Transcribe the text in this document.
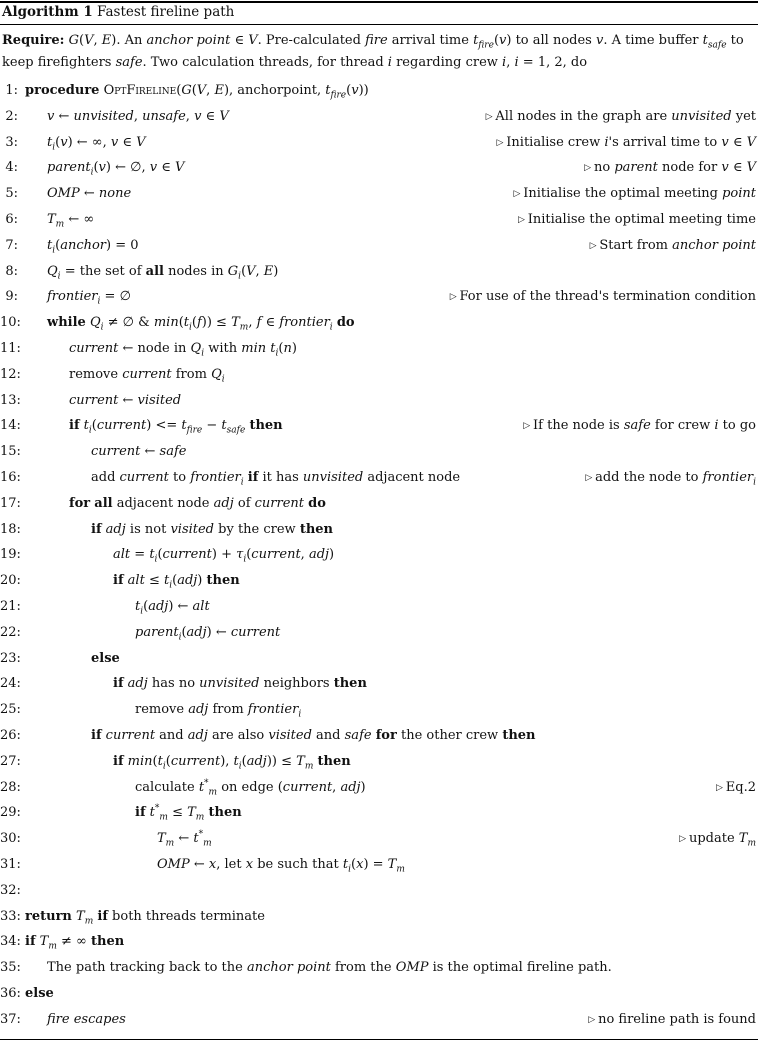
Algorithm 1 Fastest fireline path
Require: G(V, E). An anchor point ∈ V. Pre-calculated fire arrival time $t_{fire}(v)$ to all nodes v. A time buffer $t_{safe}$ to keep firefighters safe. Two calculation threads, for thread i regarding crew i, i = 1, 2, do
1: procedure OptFireline(G(V, E), anchorpoint, $t_{fire}(v)$)
2: v ← unvisited, unsafe, v ∈ V	▷ All nodes in the graph are unvisited yet
3: $t_i(v)$ ← ∞, v ∈ V	▷ Initialise crew i's arrival time to v ∈ V
4: parent$_i$(v) ← ∅, v ∈ V	▷ no parent node for v ∈ V
5: OMP ← none	▷ Initialise the optimal meeting point
6: $T_m$ ← ∞	▷ Initialise the optimal meeting time
7: $t_i(anchor) = 0$	▷ Start from anchor point
8: $Q_i$ = the set of all nodes in $G_i(V$, E)
9: frontier$_i$ = ∅	▷ For use of the thread's termination condition
10: while $Q_i$ ≠ ∅ & $\min(t_i(f)) \le T_m$, f ∈ frontier$_i$ do
11:	current ← node in $Q_i$ with $\min t_i(n)$
12:	remove current from $Q_i$
13:	current ← visited
14:	if $t_i(current) <= t_{fire} - t_{safe}$ then	▷ If the node is safe for crew i to go
15:	current ← safe
16:	add current to frontier$_i$ if it has unvisited adjacent node	▷ add the node to frontier$_i$
17:	for all adjacent node adj of current do
18:	if adj is not visited by the crew then
19:	alt = $t_i(current)$ + $\tau_i(current$, adj)
20:	if alt ≤ $t_i(adj)$ then
21:	$t_i(adj)$ ← alt
22:	parent$_i$(adj) ← current
23:	else
24:	if adj has no unvisited neighbors then
25:	remove adj from frontier$_i$
26:	if current and adj are also visited and safe for the other crew then
27:	if $\min(t_i(current)$, $t_i(adj)) \le T_m$ then
28:	calculate $t^*_m$ on edge (current, adj)	▷ Eq.2
29:	if $t^*_m \le T_m$ then
30:	$T_m$ ← $t^*_m$	▷ update $T_m$
31:	OMP ← x, let x be such that $t_i(x) = T_m$
32:
33: return $T_m$ if both threads terminate
34: if $T_m$ ≠ ∞ then
35: The path tracking back to the anchor point from the OMP is the optimal fireline path.
36: else
37: fire escapes	▷ no fireline path is found
